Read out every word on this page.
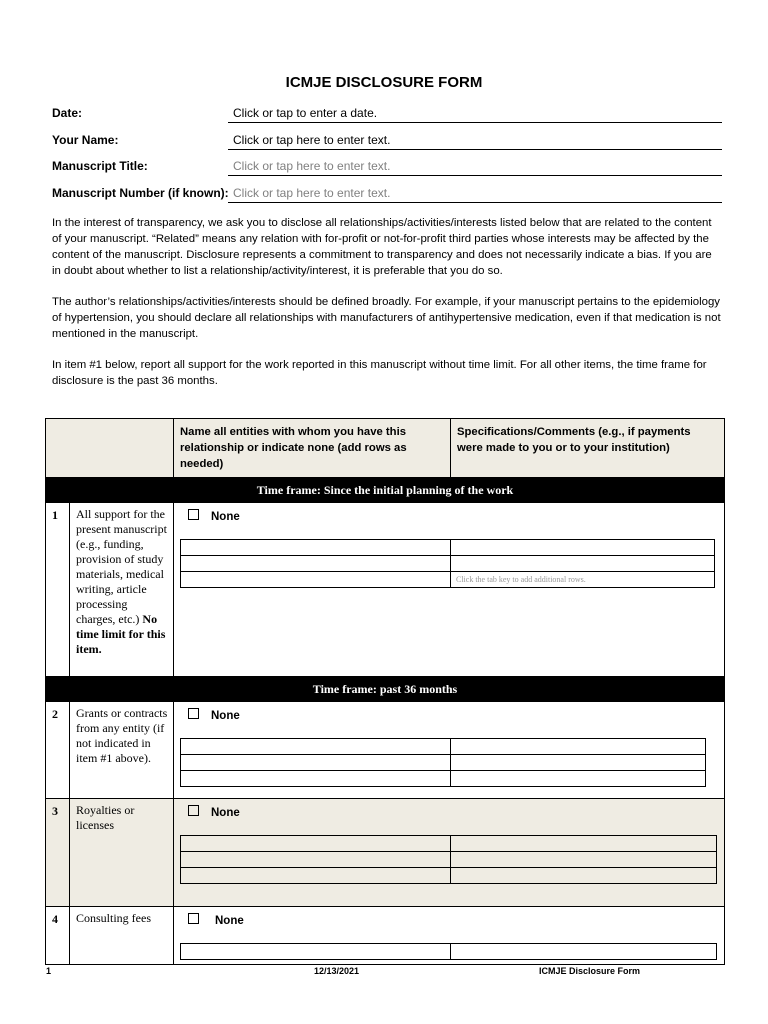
ICMJE DISCLOSURE FORM
Date:	Click or tap to enter a date.
Your Name:	Click or tap here to enter text.
Manuscript Title:	Click or tap here to enter text.
Manuscript Number (if known): Click or tap here to enter text.
In the interest of transparency, we ask you to disclose all relationships/activities/interests listed below that are related to the content of your manuscript. “Related” means any relation with for-profit or not-for-profit third parties whose interests may be affected by the content of the manuscript. Disclosure represents a commitment to transparency and does not necessarily indicate a bias. If you are in doubt about whether to list a relationship/activity/interest, it is preferable that you do so.
The author’s relationships/activities/interests should be defined broadly. For example, if your manuscript pertains to the epidemiology of hypertension, you should declare all relationships with manufacturers of antihypertensive medication, even if that medication is not mentioned in the manuscript.
In item #1 below, report all support for the work reported in this manuscript without time limit. For all other items, the time frame for disclosure is the past 36 months.
	Name all entities with whom you have this relationship or indicate none (add rows as needed)	Specifications/Comments (e.g., if payments were made to you or to your institution)
Time frame: Since the initial planning of the work
1	All support for the present manuscript (e.g., funding, provision of study materials, medical writing, article processing charges, etc.) No time limit for this item.	
None

	Click the tab key to add additional rows.

Time frame: past 36 months
2	Grants or contracts from any entity (if not indicated in item #1 above).	
None

3	Royalties or licenses	
None

4	Consulting fees	None

1	12/13/2021	ICMJE Disclosure Form
